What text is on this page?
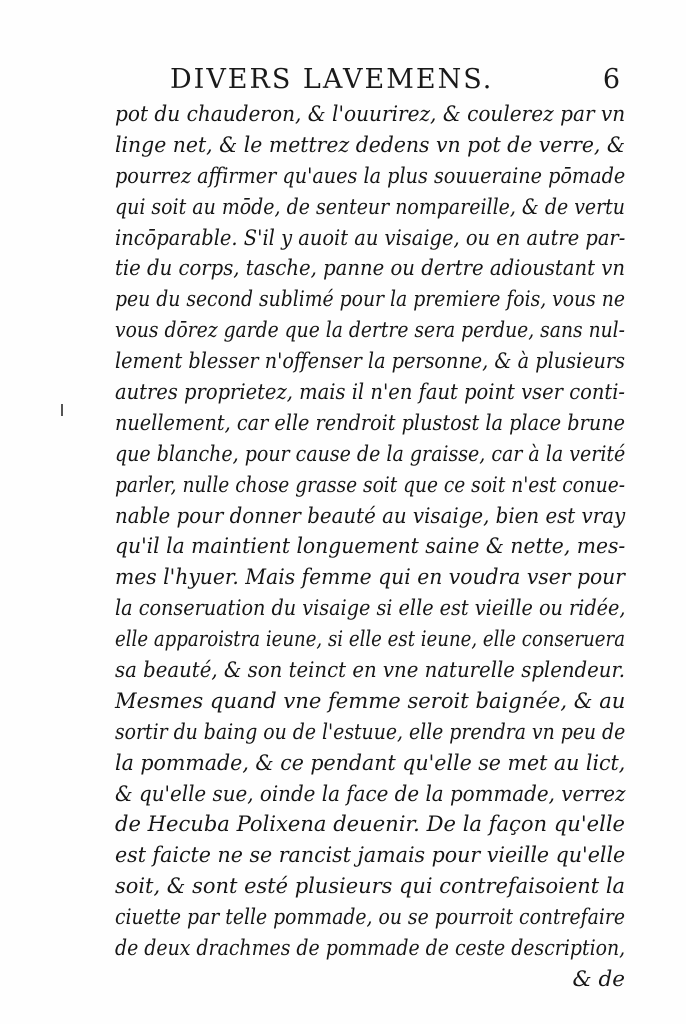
DIVERS LAVEMENS.	6
pot du chauderon, & l'ouurirez, & coulerez par vn
linge net, & le mettrez dedens vn pot de verre, &
pourrez affirmer qu'aues la plus souueraine pōmade
qui soit au mōde, de senteur nompareille, & de vertu
incōparable. S'il y auoit au visaige, ou en autre par-
tie du corps, tasche, panne ou dertre adioustant vn
peu du second sublimé pour la premiere fois, vous ne
vous dōrez garde que la dertre sera perdue, sans nul-
lement blesser n'offenser la personne, & à plusieurs
autres proprietez, mais il n'en faut point vser conti-
nuellement, car elle rendroit plustost la place brune
que blanche, pour cause de la graisse, car à la verité
parler, nulle chose grasse soit que ce soit n'est conue-
nable pour donner beauté au visaige, bien est vray
qu'il la maintient longuement saine & nette, mes-
mes l'hyuer. Mais femme qui en voudra vser pour
la conseruation du visaige si elle est vieille ou ridée,
elle apparoistra ieune, si elle est ieune, elle conseruera
sa beauté, & son teinct en vne naturelle splendeur.
Mesmes quand vne femme seroit baignée, & au
sortir du baing ou de l'estuue, elle prendra vn peu de
la pommade, & ce pendant qu'elle se met au lict,
& qu'elle sue, oinde la face de la pommade, verrez
de Hecuba Polixena deuenir. De la façon qu'elle
est faicte ne se rancist jamais pour vieille qu'elle
soit, & sont esté plusieurs qui contrefaisoient la
ciuette par telle pommade, ou se pourroit contrefaire
de deux drachmes de pommade de ceste description,
& de
